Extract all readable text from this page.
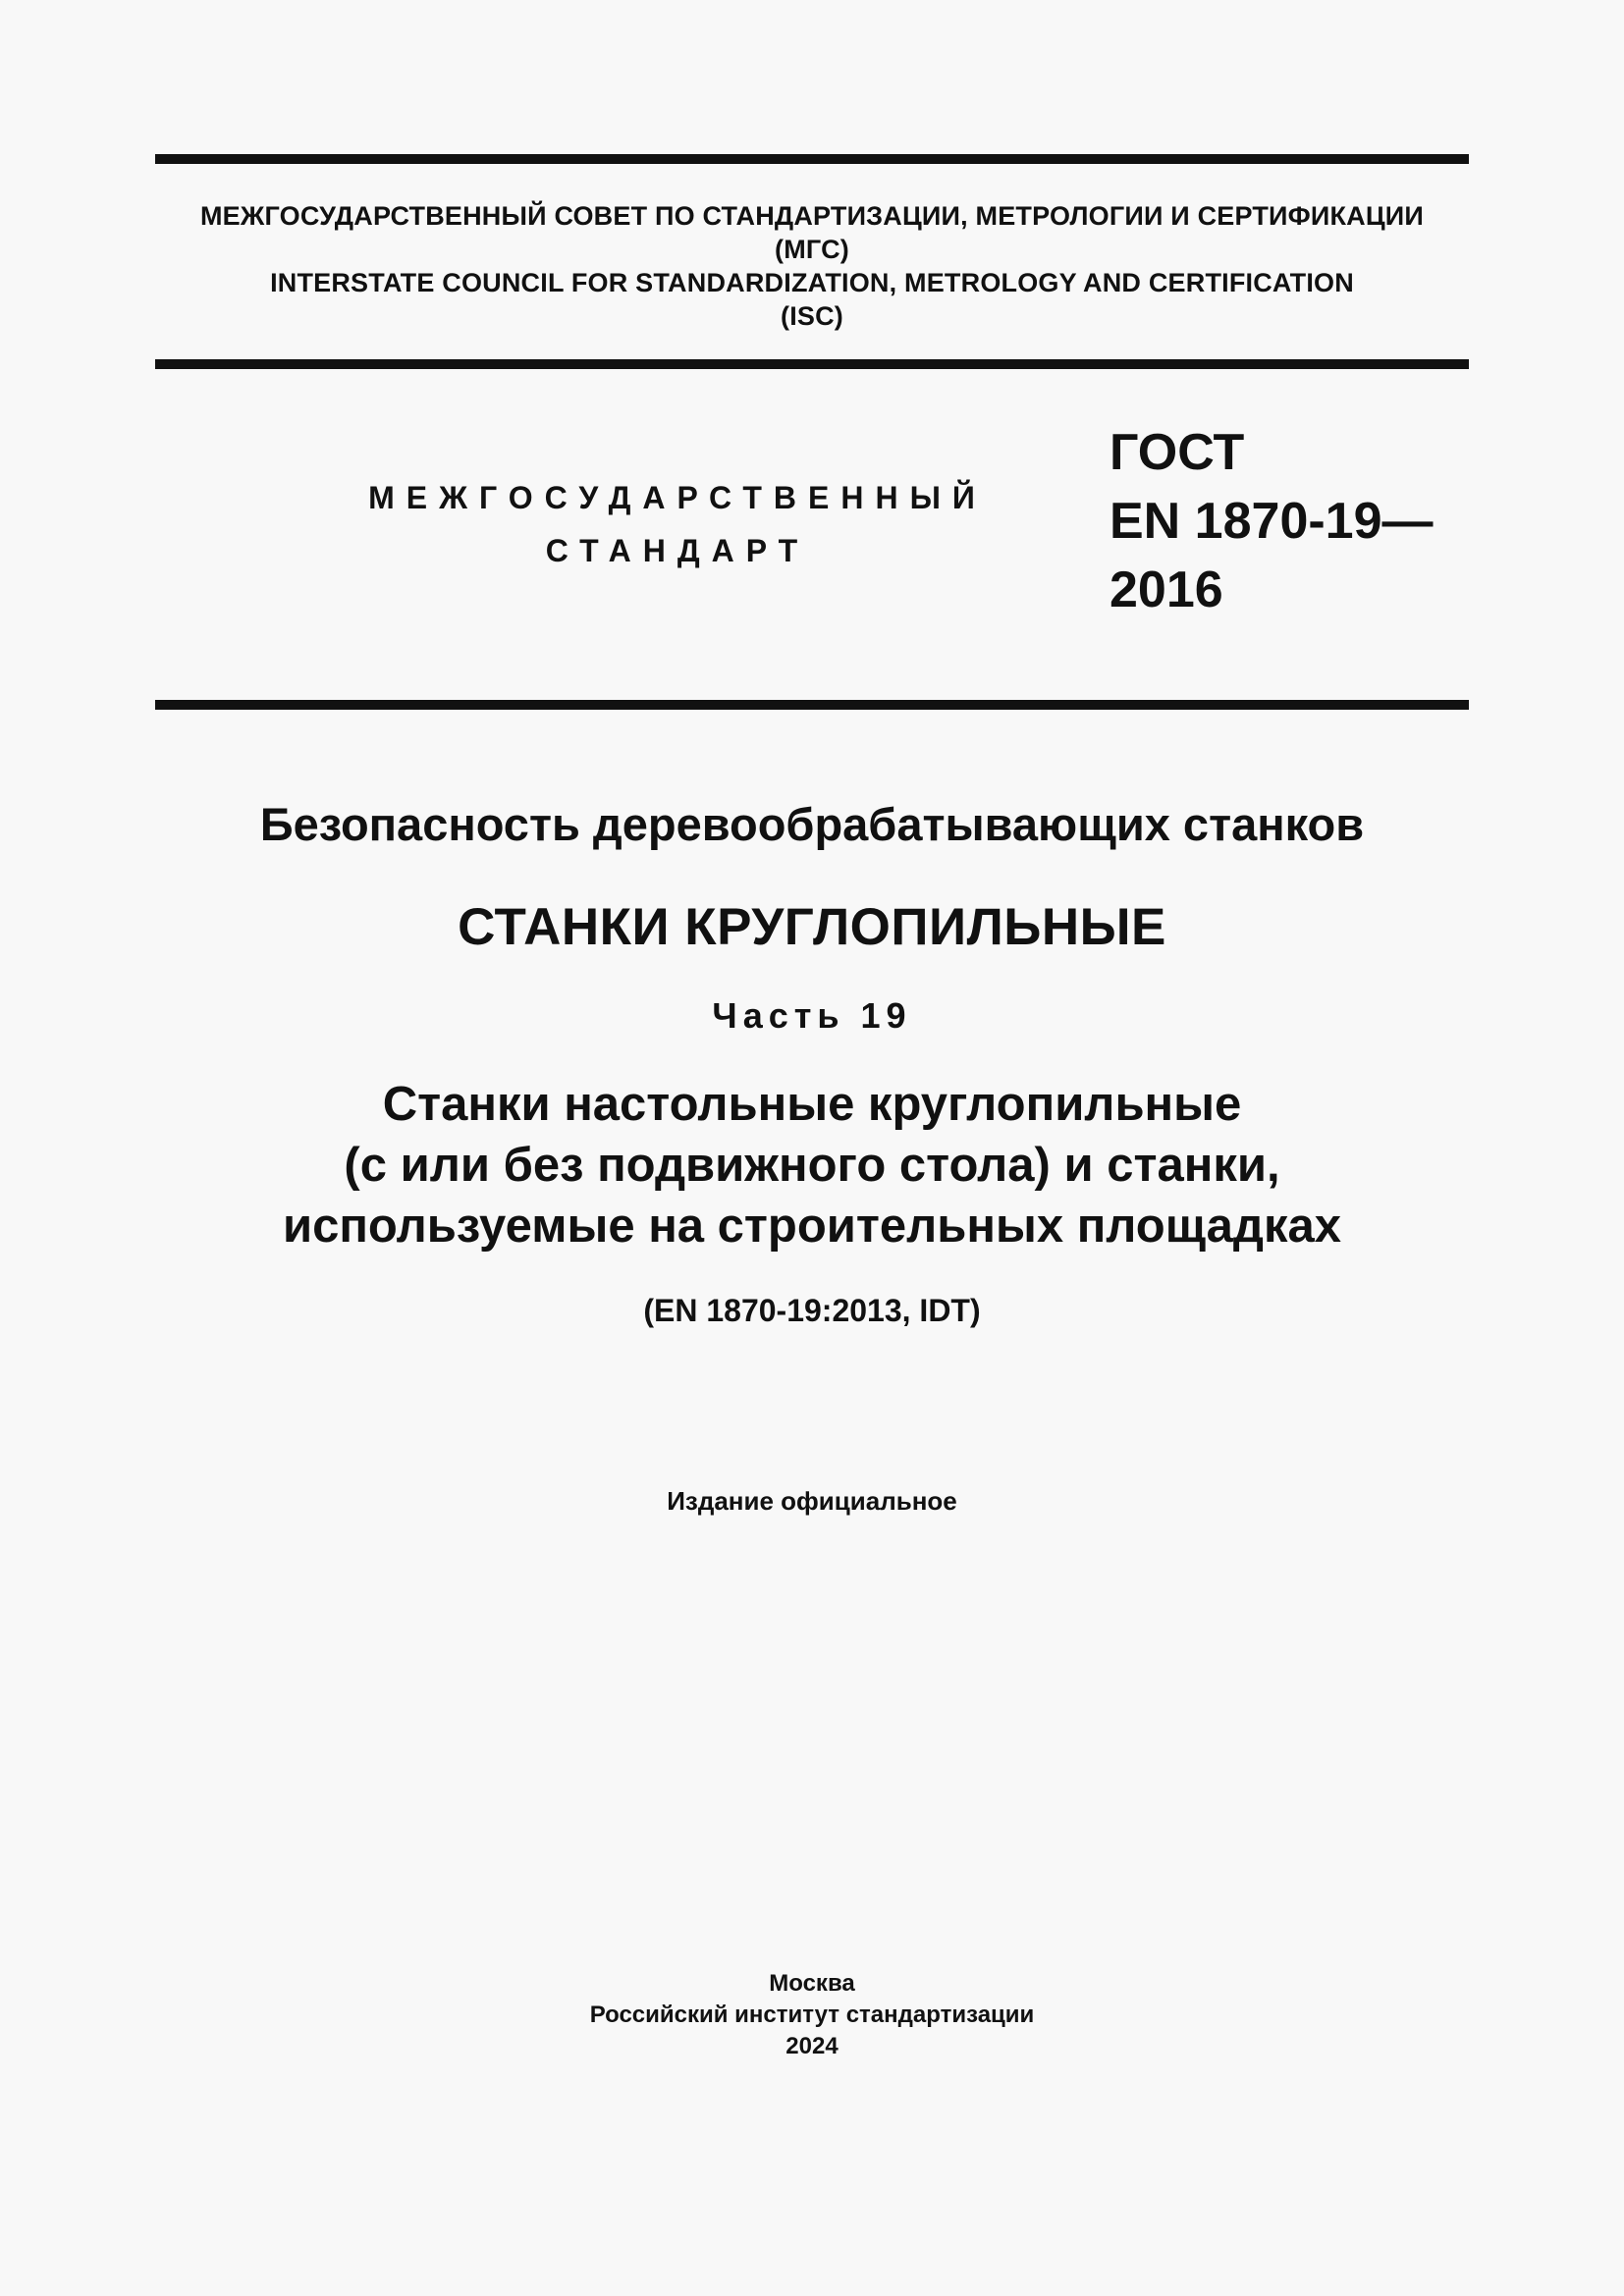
МЕЖГОСУДАРСТВЕННЫЙ СОВЕТ ПО СТАНДАРТИЗАЦИИ, МЕТРОЛОГИИ И СЕРТИФИКАЦИИ
(МГС)
INTERSTATE COUNCIL FOR STANDARDIZATION, METROLOGY AND CERTIFICATION
(ISC)
МЕЖГОСУДАРСТВЕННЫЙ
СТАНДАРТ
ГОСТ
EN 1870-19—
2016
Безопасность деревообрабатывающих станков
СТАНКИ КРУГЛОПИЛЬНЫЕ
Часть 19
Станки настольные круглопильные
(с или без подвижного стола) и станки,
используемые на строительных площадках
(EN 1870-19:2013, IDT)
Издание официальное
Москва
Российский институт стандартизации
2024
